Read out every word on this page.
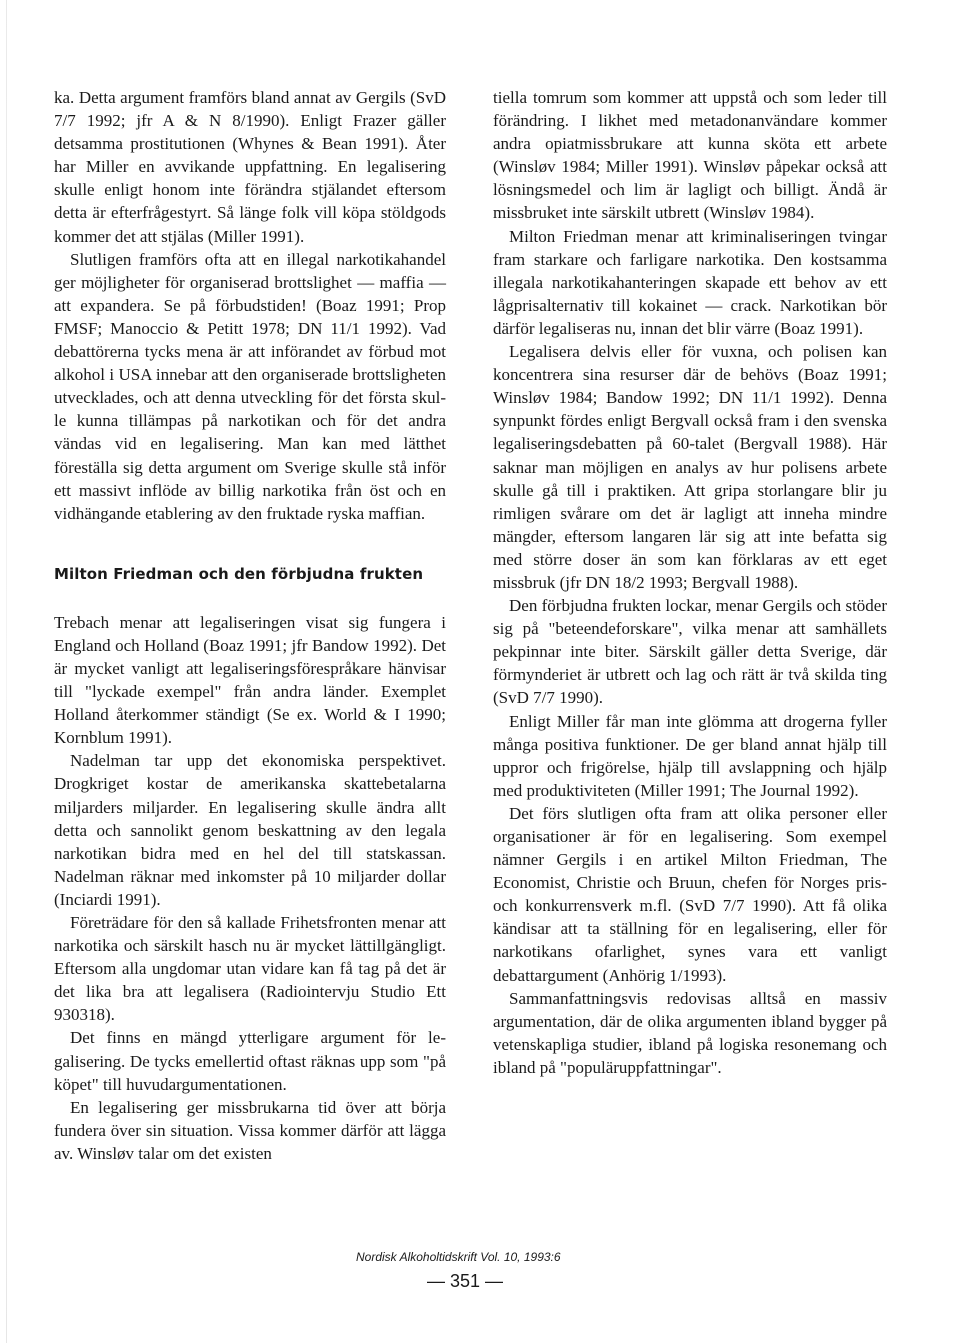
ka. Detta argument framförs bland annat av Gergils (SvD 7/7 1992; jfr A & N 8/1990). Enligt Frazer gäller detsamma prostitutionen (Whynes & Bean 1991). Åter har Miller en avvikande uppfattning. En legalisering skulle enligt honom inte förändra stjälandet eftersom detta är efterfrågestyrt. Så länge folk vill köpa stöldgods kommer det att stjälas (Miller 1991).

Slutligen framförs ofta att en illegal narkotikahandel ger möjligheter för organiserad brottslighet — maffia — att expandera. Se på förbudstiden! (Boaz 1991; Prop FMSF; Manoccio & Petitt 1978; DN 11/1 1992). Vad debattörerna tycks mena är att införandet av förbud mot alkohol i USA innebar att den organiserade brottsligheten utvecklades, och att denna utveckling för det första skulle kunna tillämpas på narkotikan och för det andra vändas vid en legalisering. Man kan med lätthet föreställa sig detta argument om Sverige skulle stå inför ett massivt inflöde av billig narkotika från öst och en vidhängande etablering av den fruktade ryska maffian.

Milton Friedman och den förbjudna frukten

Trebach menar att legaliseringen visat sig fungera i England och Holland (Boaz 1991; jfr Bandow 1992). Det är mycket vanligt att legaliseringsförespråkare hänvisar till "lyckade exempel" från andra länder. Exemplet Holland återkommer ständigt (Se ex. World & I 1990; Kornblum 1991).

Nadelman tar upp det ekonomiska perspektivet. Drogkriget kostar de amerikanska skattebetalarna miljarders miljarder. En legalisering skulle ändra allt detta och sannolikt genom beskattning av den legala narkotikan bidra med en hel del till statskassan. Nadelman räknar med inkomster på 10 miljarder dollar (Inciardi 1991).

Företrädare för den så kallade Frihetsfronten menar att narkotika och särskilt hasch nu är mycket lättillgängligt. Eftersom alla ungdomar utan vidare kan få tag på det är det lika bra att legalisera (Radiointervju Studio Ett 930318).

Det finns en mängd ytterligare argument för legalisering. De tycks emellertid oftast räknas upp som "på köpet" till huvudargumentationen.

En legalisering ger missbrukarna tid över att börja fundera över sin situation. Vissa kommer därför att lägga av. Winsløv talar om det existen

tiella tomrum som kommer att uppstå och som leder till förändring. I likhet med metadonanvändare kommer andra opiatmissbrukare att kunna sköta ett arbete (Winsløv 1984; Miller 1991). Winsløv påpekar också att lösningsmedel och lim är lagligt och billigt. Ändå är missbruket inte särskilt utbrett (Winsløv 1984).

Milton Friedman menar att kriminaliseringen tvingar fram starkare och farligare narkotika. Den kostsamma illegala narkotikahanteringen skapade ett behov av ett lågprisalternativ till kokainet — crack. Narkotikan bör därför legaliseras nu, innan det blir värre (Boaz 1991).

Legalisera delvis eller för vuxna, och polisen kan koncentrera sina resurser där de behövs (Boaz 1991; Winsløv 1984; Bandow 1992; DN 11/1 1992). Denna synpunkt fördes enligt Bergvall också fram i den svenska legaliseringsdebatten på 60-talet (Bergvall 1988). Här saknar man möjligen en analys av hur polisens arbete skulle gå till i praktiken. Att gripa storlangare blir ju rimligen svårare om det är lagligt att inneha mindre mängder, eftersom langaren lär sig att inte befatta sig med större doser än som kan förklaras av ett eget missbruk (jfr DN 18/2 1993; Bergvall 1988).

Den förbjudna frukten lockar, menar Gergils och stöder sig på "beteendeforskare", vilka menar att samhällets pekpinnar inte biter. Särskilt gäller detta Sverige, där förmynderiet är utbrett och lag och rätt är två skilda ting (SvD 7/7 1990).

Enligt Miller får man inte glömma att drogerna fyller många positiva funktioner. De ger bland annat hjälp till uppror och frigörelse, hjälp till avslappning och hjälp med produktiviteten (Miller 1991; The Journal 1992).

Det förs slutligen ofta fram att olika personer eller organisationer är för en legalisering. Som exempel nämner Gergils i en artikel Milton Friedman, The Economist, Christie och Bruun, chefen för Norges pris- och konkurrensverk m.fl. (SvD 7/7 1990). Att få olika kändisar att ta ställning för en legalisering, eller för narkotikans ofarlighet, synes vara ett vanligt debattargument (Anhörig 1/1993).

Sammanfattningsvis redovisas alltså en massiv argumentation, där de olika argumenten ibland bygger på vetenskapliga studier, ibland på logiska resonemang och ibland på "populäruppfattningar".

Nordisk Alkoholtidskrift Vol. 10, 1993:6
— 351 —
